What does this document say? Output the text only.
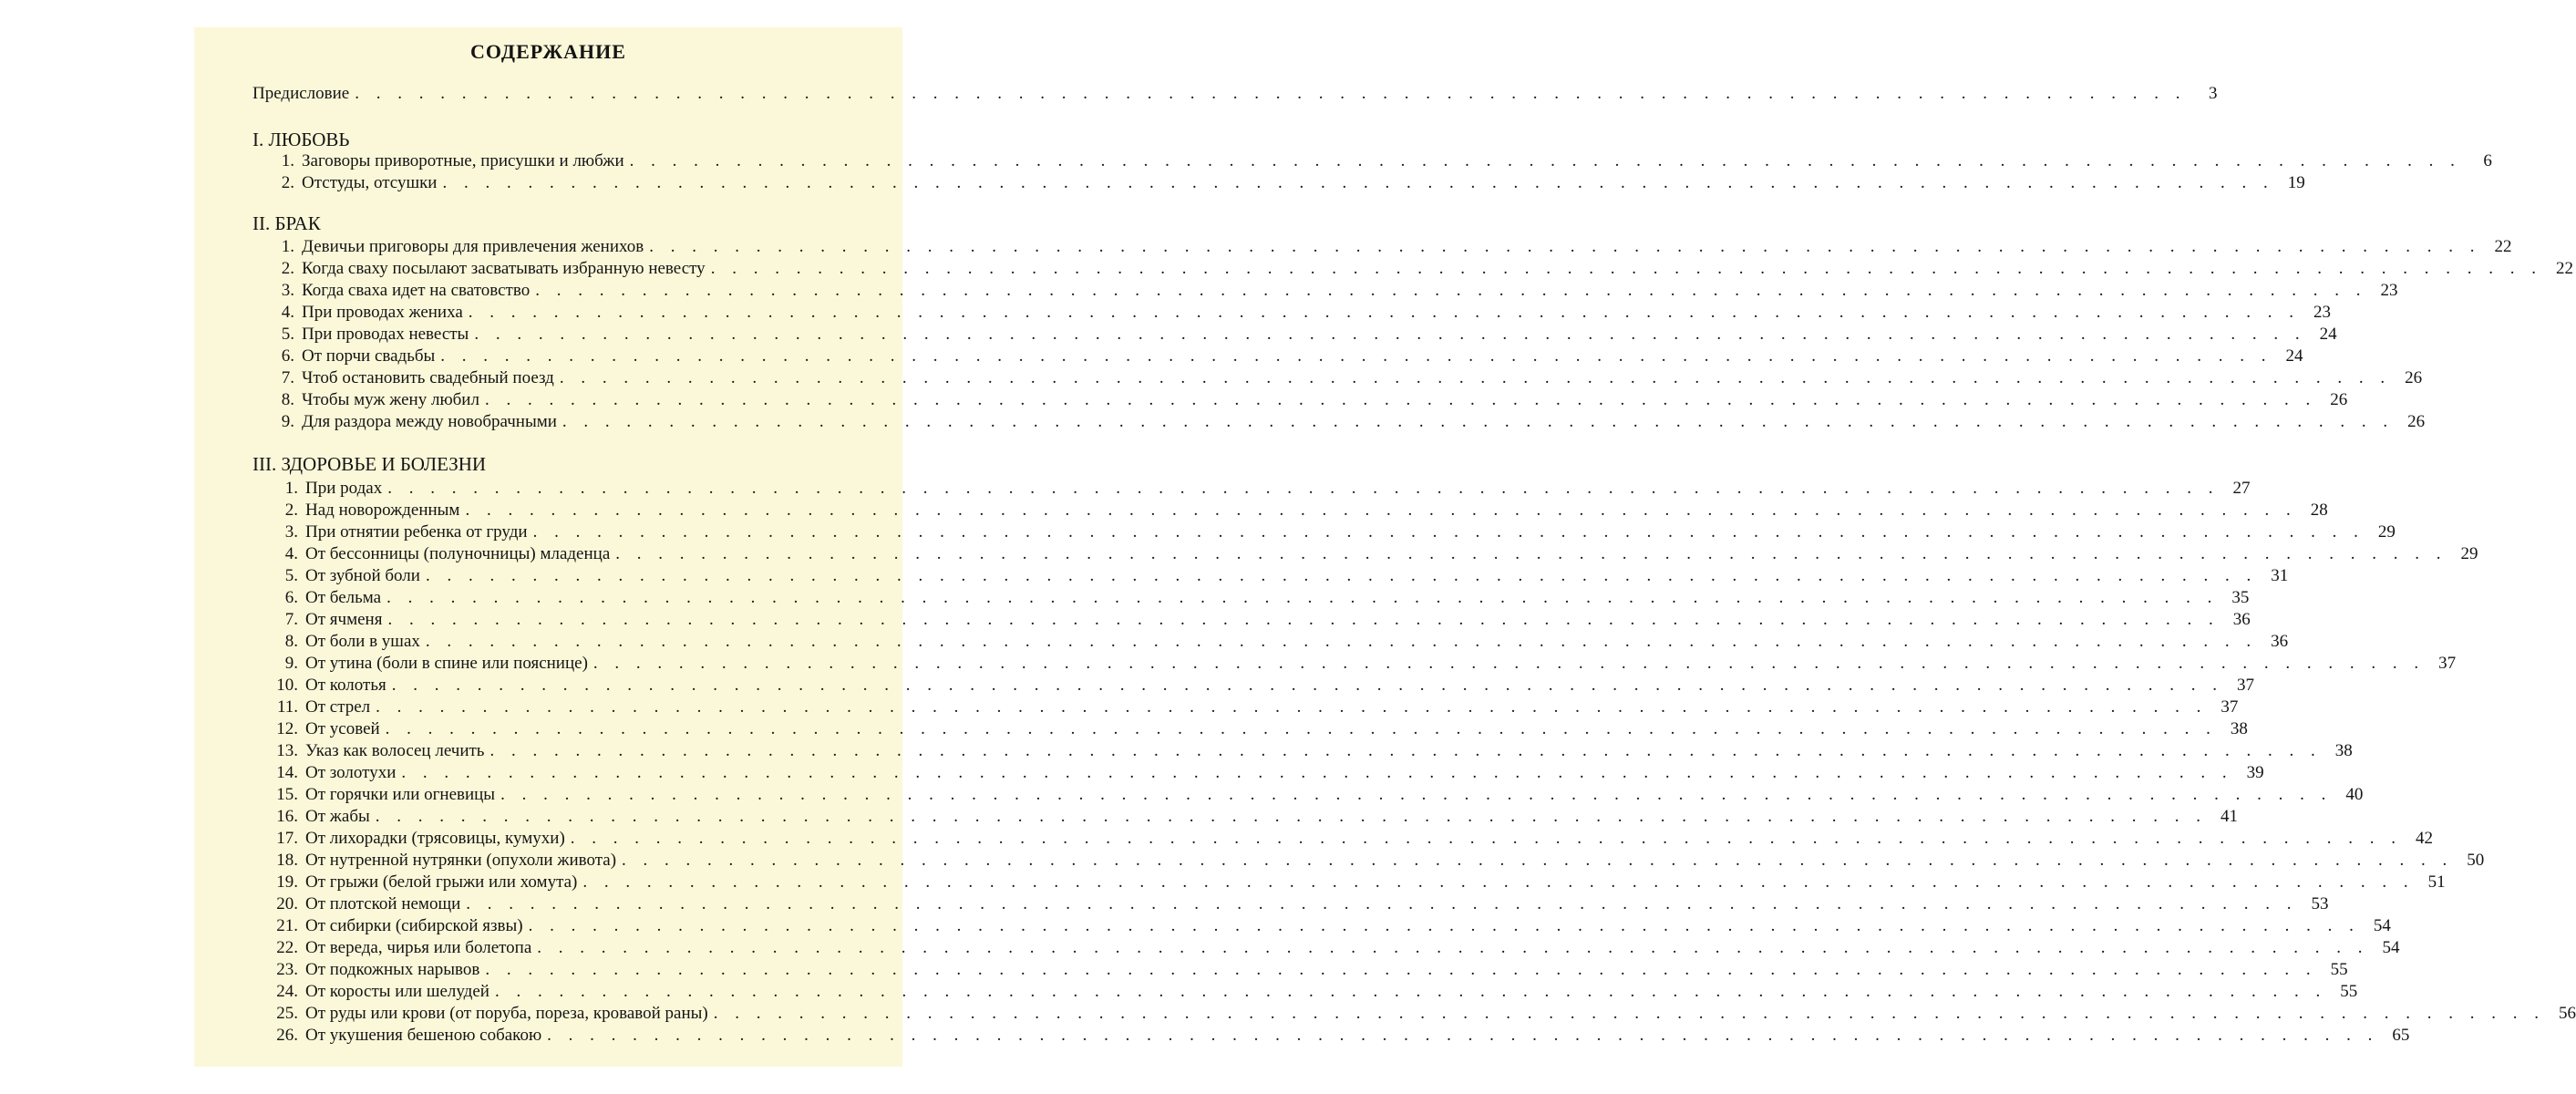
СОДЕРЖАНИЕ
Предисловие . . . . . . . . . . . . . . . . . . . . . . . . . . . . . . . . . . . . . . . . . . . . . . . . . . . . . . . . . . . . . . . . . . . . . . . . . . . . . . . . . . . . . .	3
I. ЛЮБОВЬ
1. Заговоры приворотные, присушки и любжи . . . . . . . . . . . . . . . . . . . . . . . . . . . . . . . . . . . . . . . . . . . . . . . . . . . . . . . . . . . . . . . . . . . . . . . . . . . . . . . . . . . . . .	6
2. Отстуды, отсушки . . . . . . . . . . . . . . . . . . . . . . . . . . . . . . . . . . . . . . . . . . . . . . . . . . . . . . . . . . . . . . . . . . . . . . . . . . . . . . . . . . . . . . 19
II. БРАК
1. Девичьи приговоры для привлечения женихов . . . . . . . . . . . . . . . . . . . . . . . . . . . . . . . . . . . . . . . . . . . . . . . . . . . . . . . . . . . . . . . . . . . . . . . . . . . . . . . . . . . . . . 22
2. Когда сваху посылают засватывать избранную невесту . . . . . . . . . . . . . . . . . . . . . . . . . . . . . . . . . . . . . . . . . . . . . . . . . . . . . . . . . . . . . . . . . . . . . . . . . . . . . . . . . . . . . . 22
3. Когда сваха идет на сватовство . . . . . . . . . . . . . . . . . . . . . . . . . . . . . . . . . . . . . . . . . . . . . . . . . . . . . . . . . . . . . . . . . . . . . . . . . . . . . . . . . . . . . . 23
4. При проводах жениха . . . . . . . . . . . . . . . . . . . . . . . . . . . . . . . . . . . . . . . . . . . . . . . . . . . . . . . . . . . . . . . . . . . . . . . . . . . . . . . . . . . . . . 23
5. При проводах невесты . . . . . . . . . . . . . . . . . . . . . . . . . . . . . . . . . . . . . . . . . . . . . . . . . . . . . . . . . . . . . . . . . . . . . . . . . . . . . . . . . . . . . . 24
6. От порчи свадьбы . . . . . . . . . . . . . . . . . . . . . . . . . . . . . . . . . . . . . . . . . . . . . . . . . . . . . . . . . . . . . . . . . . . . . . . . . . . . . . . . . . . . . . 24
7. Чтоб остановить свадебный поезд . . . . . . . . . . . . . . . . . . . . . . . . . . . . . . . . . . . . . . . . . . . . . . . . . . . . . . . . . . . . . . . . . . . . . . . . . . . . . . . . . . . . . . 26
8. Чтобы муж жену любил . . . . . . . . . . . . . . . . . . . . . . . . . . . . . . . . . . . . . . . . . . . . . . . . . . . . . . . . . . . . . . . . . . . . . . . . . . . . . . . . . . . . . . 26
9. Для раздора между новобрачными . . . . . . . . . . . . . . . . . . . . . . . . . . . . . . . . . . . . . . . . . . . . . . . . . . . . . . . . . . . . . . . . . . . . . . . . . . . . . . . . . . . . . . 26
III. ЗДОРОВЬЕ И БОЛЕЗНИ
1. При родах . . . . . . . . . . . . . . . . . . . . . . . . . . . . . . . . . . . . . . . . . . . . . . . . . . . . . . . . . . . . . . . . . . . . . . . . . . . . . . . . . . . . . . 27
2. Над новорожденным . . . . . . . . . . . . . . . . . . . . . . . . . . . . . . . . . . . . . . . . . . . . . . . . . . . . . . . . . . . . . . . . . . . . . . . . . . . . . . . . . . . . . . 28
3. При отнятии ребенка от груди . . . . . . . . . . . . . . . . . . . . . . . . . . . . . . . . . . . . . . . . . . . . . . . . . . . . . . . . . . . . . . . . . . . . . . . . . . . . . . . . . . . . . . 29
4. От бессонницы (полуночницы) младенца . . . . . . . . . . . . . . . . . . . . . . . . . . . . . . . . . . . . . . . . . . . . . . . . . . . . . . . . . . . . . . . . . . . . . . . . . . . . . . . . . . . . . . 29
5. От зубной боли . . . . . . . . . . . . . . . . . . . . . . . . . . . . . . . . . . . . . . . . . . . . . . . . . . . . . . . . . . . . . . . . . . . . . . . . . . . . . . . . . . . . . . 31
6. От бельма . . . . . . . . . . . . . . . . . . . . . . . . . . . . . . . . . . . . . . . . . . . . . . . . . . . . . . . . . . . . . . . . . . . . . . . . . . . . . . . . . . . . . . 35
7. От ячменя . . . . . . . . . . . . . . . . . . . . . . . . . . . . . . . . . . . . . . . . . . . . . . . . . . . . . . . . . . . . . . . . . . . . . . . . . . . . . . . . . . . . . . 36
8. От боли в ушах . . . . . . . . . . . . . . . . . . . . . . . . . . . . . . . . . . . . . . . . . . . . . . . . . . . . . . . . . . . . . . . . . . . . . . . . . . . . . . . . . . . . . . 36
9. От утина (боли в спине или пояснице) . . . . . . . . . . . . . . . . . . . . . . . . . . . . . . . . . . . . . . . . . . . . . . . . . . . . . . . . . . . . . . . . . . . . . . . . . . . . . . . . . . . . . . 37
10. От колотья . . . . . . . . . . . . . . . . . . . . . . . . . . . . . . . . . . . . . . . . . . . . . . . . . . . . . . . . . . . . . . . . . . . . . . . . . . . . . . . . . . . . . . 37
11. От стрел . . . . . . . . . . . . . . . . . . . . . . . . . . . . . . . . . . . . . . . . . . . . . . . . . . . . . . . . . . . . . . . . . . . . . . . . . . . . . . . . . . . . . . 37
12. От усовей . . . . . . . . . . . . . . . . . . . . . . . . . . . . . . . . . . . . . . . . . . . . . . . . . . . . . . . . . . . . . . . . . . . . . . . . . . . . . . . . . . . . . . 38
13. Указ как волосец лечить . . . . . . . . . . . . . . . . . . . . . . . . . . . . . . . . . . . . . . . . . . . . . . . . . . . . . . . . . . . . . . . . . . . . . . . . . . . . . . . . . . . . . . 38
14. От золотухи . . . . . . . . . . . . . . . . . . . . . . . . . . . . . . . . . . . . . . . . . . . . . . . . . . . . . . . . . . . . . . . . . . . . . . . . . . . . . . . . . . . . . . 39
15. От горячки или огневицы . . . . . . . . . . . . . . . . . . . . . . . . . . . . . . . . . . . . . . . . . . . . . . . . . . . . . . . . . . . . . . . . . . . . . . . . . . . . . . . . . . . . . . 40
16. От жабы . . . . . . . . . . . . . . . . . . . . . . . . . . . . . . . . . . . . . . . . . . . . . . . . . . . . . . . . . . . . . . . . . . . . . . . . . . . . . . . . . . . . . . 41
17. От лихорадки (трясовицы, кумухи) . . . . . . . . . . . . . . . . . . . . . . . . . . . . . . . . . . . . . . . . . . . . . . . . . . . . . . . . . . . . . . . . . . . . . . . . . . . . . . . . . . . . . . 42
18. От нутренной нутрянки (опухоли живота) . . . . . . . . . . . . . . . . . . . . . . . . . . . . . . . . . . . . . . . . . . . . . . . . . . . . . . . . . . . . . . . . . . . . . . . . . . . . . . . . . . . . . . 50
19. От грыжи (белой грыжи или хомута) . . . . . . . . . . . . . . . . . . . . . . . . . . . . . . . . . . . . . . . . . . . . . . . . . . . . . . . . . . . . . . . . . . . . . . . . . . . . . . . . . . . . . . 51
20. От плотской немощи . . . . . . . . . . . . . . . . . . . . . . . . . . . . . . . . . . . . . . . . . . . . . . . . . . . . . . . . . . . . . . . . . . . . . . . . . . . . . . . . . . . . . . 53
21. От сибирки (сибирской язвы) . . . . . . . . . . . . . . . . . . . . . . . . . . . . . . . . . . . . . . . . . . . . . . . . . . . . . . . . . . . . . . . . . . . . . . . . . . . . . . . . . . . . . . 54
22. От вереда, чирья или болетопа . . . . . . . . . . . . . . . . . . . . . . . . . . . . . . . . . . . . . . . . . . . . . . . . . . . . . . . . . . . . . . . . . . . . . . . . . . . . . . . . . . . . . . 54
23. От подкожных нарывов . . . . . . . . . . . . . . . . . . . . . . . . . . . . . . . . . . . . . . . . . . . . . . . . . . . . . . . . . . . . . . . . . . . . . . . . . . . . . . . . . . . . . . 55
24. От коросты или шелудей . . . . . . . . . . . . . . . . . . . . . . . . . . . . . . . . . . . . . . . . . . . . . . . . . . . . . . . . . . . . . . . . . . . . . . . . . . . . . . . . . . . . . . 55
25. От руды или крови (от поруба, пореза, кровавой раны) . . . . . . . . . . . . . . . . . . . . . . . . . . . . . . . . . . . . . . . . . . . . . . . . . . . . . . . . . . . . . . . . . . . . . . . . . . . . . . . . . . . . . . 56
26. От укушения бешеною собакою . . . . . . . . . . . . . . . . . . . . . . . . . . . . . . . . . . . . . . . . . . . . . . . . . . . . . . . . . . . . . . . . . . . . . . . . . . . . . . . . . . . . . . 65
